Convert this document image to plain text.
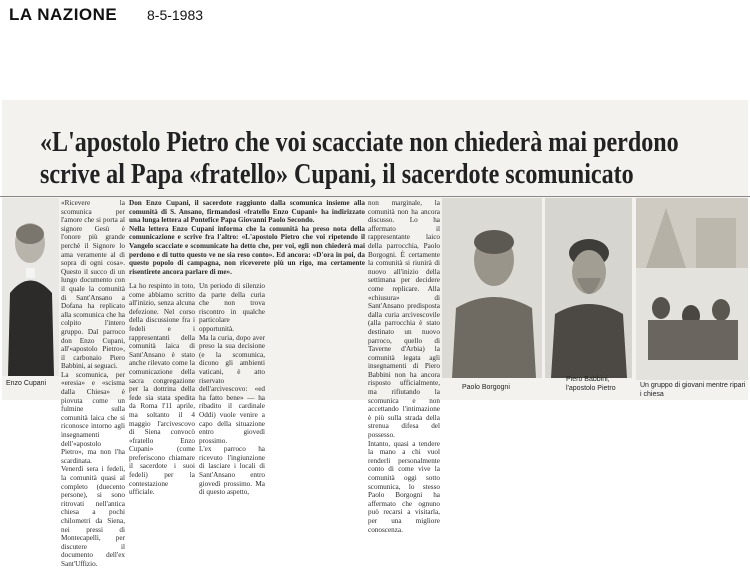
LA NAZIONE 8-5-1983
«L'apostolo Pietro che voi scacciate non chiederà mai perdono
scrive al Papa «fratello» Cupani, il sacerdote scomunicato
Enzo Cupani

«Ricevere la scomunica per l'amore che si porta al signore Gesù è l'onore più grande perchè il Signore lo ama veramente al di sopra di ogni cosa». Questo il succo di un lungo documento con il quale la comunità di Sant'Ansano a Dofana ha replicato alla scomunica che ha colpito l'intero gruppo. Dal parroco don Enzo Cupani, all'«apostolo Pietro», il carbonaio Piero Babbini, ai seguaci.
La scomunica, per «eresia» e «scisma dalla Chiesa» è piovuta come un fulmine sulla comunità laica che si riconosce intorno agli insegnamenti dell'«apostolo Pietro», ma non l'ha scardinata.
Venerdì sera i fedeli, la comunità quasi al completo (duecento persone), si sono ritrovati nell'antica chiesa a pochi chilometri da Siena, nei pressi di Montecapelli, per discutere il documento dell'ex Sant'Uffizio.

Don Enzo Cupani, il sacerdote raggiunto dalla scomunica insieme alla comunità di S. Ansano, firmandosi «fratello Enzo Cupani» ha indirizzato una lunga lettera al Pontefice Papa Giovanni Paolo Secondo.
Nella lettera Enzo Cupani informa che la comunità ha preso nota della comunicazione e scrive fra l'altro: «L'apostolo Pietro che voi ripetendo il Vangelo scacciate e scomunicate ha detto che, per voi, egli non chiederà mai perdono e di tutto questo ve ne sia reso conto». Ed ancora: «D'ora in poi, da questo popolo di campagna, non riceverete più un rigo, ma certamente risentirete ancora parlare di me».

La ho respinto in toto, come abbiamo scritto all'inizio, senza alcuna defezione. Nel corso della discussione fra i fedeli e i rappresentanti della comunità laica di Sant'Ansano è stato anche rilevato come la comunicazione della sacra congregazione per la dottrina della fede sia stata spedita da Roma l'11 aprile, ma soltanto il 4 maggio l'arcivescovo di Siena convocò «fratello Enzo Cupani» (come preferiscono chiamare il sacerdote i suoi fedeli) per la contestazione ufficiale.

Un periodo di silenzio da parte della curia che non trova riscontro in qualche particolare opportunità.
Ma la curia, dopo aver preso la sua decisione (e la scomunica, dicono gli ambienti vaticani, è atto riservato dell'arcivescovo: «ed ha fatto bene» — ha ribadito il cardinale Oddi) vuole venire a capo della situazione entro giovedì prossimo.
L'ex parroco ha ricevuto l'ingiunzione di lasciare i locali di Sant'Ansano entro giovedì prossimo. Ma di questo aspetto,

non marginale, la comunità non ha ancora discusso. Lo ha affermato il rappresentante laico della parrocchia, Paolo Borgogni. È certamente la comunità si riunirà di nuovo all'inizio della settimana per decidere come replicare. Alla «chiusura» di Sant'Ansano predisposta dalla curia arcivescovile (alla parrocchia è stato destinato un nuovo parroco, quello di Taverne d'Arbia) la comunità legata agli insegnamenti di Piero Babbini non ha ancora risposto ufficialmente, ma rifiutando la scomunica e non accettando l'intimazione è più sulla strada della strenua difesa del possesso.
Intanto, quasi a tendere la mano a chi vuol renderli personalmente conto di come vive la comunità oggi sotto scomunica, lo stesso Paolo Borgogni ha affermato che ognuno può recarsi a visitarla, per una migliore conoscenza.

Paolo Borgogni
Piero Babbini, l'apostolo Pietro	Un gruppo di giovani mentre ripari i chiesa
